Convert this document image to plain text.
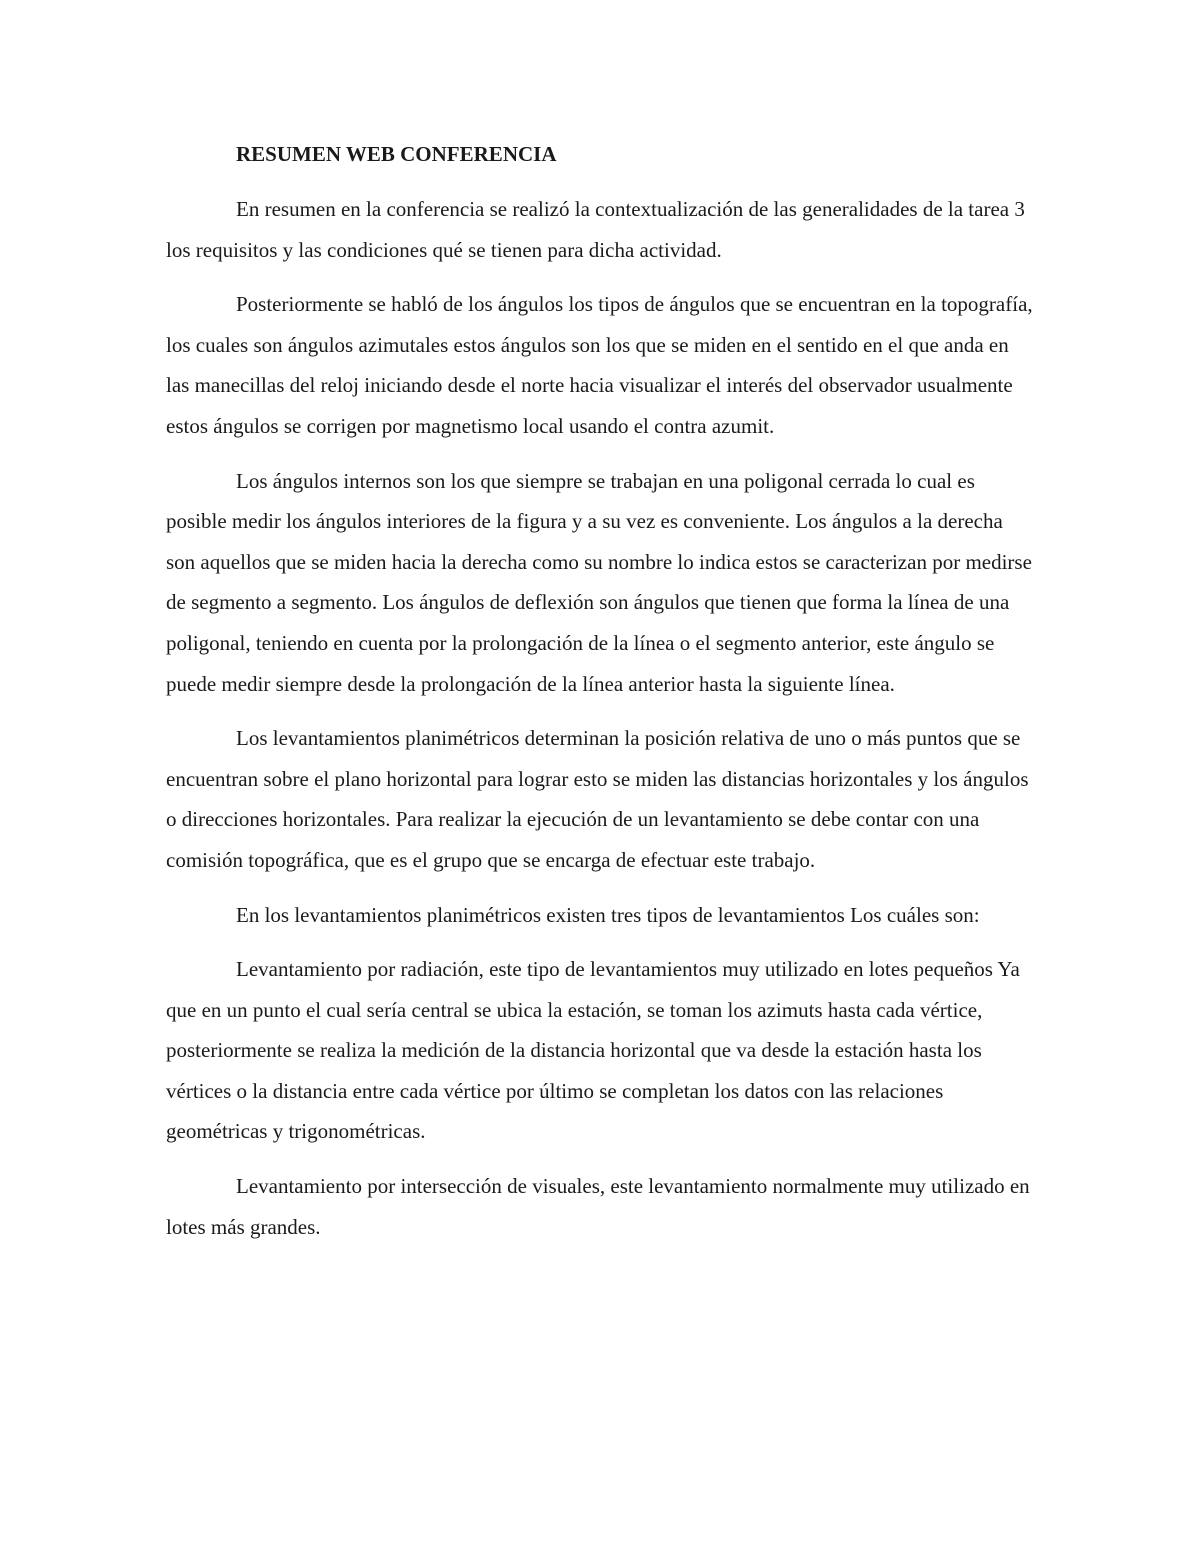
RESUMEN WEB CONFERENCIA

En resumen en la conferencia se realizó la contextualización de las generalidades de la tarea 3 los requisitos y las condiciones qué se tienen para dicha actividad.

Posteriormente se habló de los ángulos los tipos de ángulos que se encuentran en la topografía, los cuales son ángulos azimutales estos ángulos son los que se miden en el sentido en el que anda en las manecillas del reloj iniciando desde el norte hacia visualizar el interés del observador usualmente estos ángulos se corrigen por magnetismo local usando el contra azumit.

Los ángulos internos son los que siempre se trabajan en una poligonal cerrada lo cual es posible medir los ángulos interiores de la figura y a su vez es conveniente. Los ángulos a la derecha son aquellos que se miden hacia la derecha como su nombre lo indica estos se caracterizan por medirse de segmento a segmento. Los ángulos de deflexión son ángulos que tienen que forma la línea de una poligonal, teniendo en cuenta por la prolongación de la línea o el segmento anterior, este ángulo se puede medir siempre desde la prolongación de la línea anterior hasta la siguiente línea.

Los levantamientos planimétricos determinan la posición relativa de uno o más puntos que se encuentran sobre el plano horizontal para lograr esto se miden las distancias horizontales y los ángulos o direcciones horizontales. Para realizar la ejecución de un levantamiento se debe contar con una comisión topográfica, que es el grupo que se encarga de efectuar este trabajo.

En los levantamientos planimétricos existen tres tipos de levantamientos Los cuáles son:

Levantamiento por radiación, este tipo de levantamientos muy utilizado en lotes pequeños Ya que en un punto el cual sería central se ubica la estación, se toman los azimuts hasta cada vértice, posteriormente se realiza la medición de la distancia horizontal que va desde la estación hasta los vértices o la distancia entre cada vértice por último se completan los datos con las relaciones geométricas y trigonométricas.

Levantamiento por intersección de visuales, este levantamiento normalmente muy utilizado en lotes más grandes.
